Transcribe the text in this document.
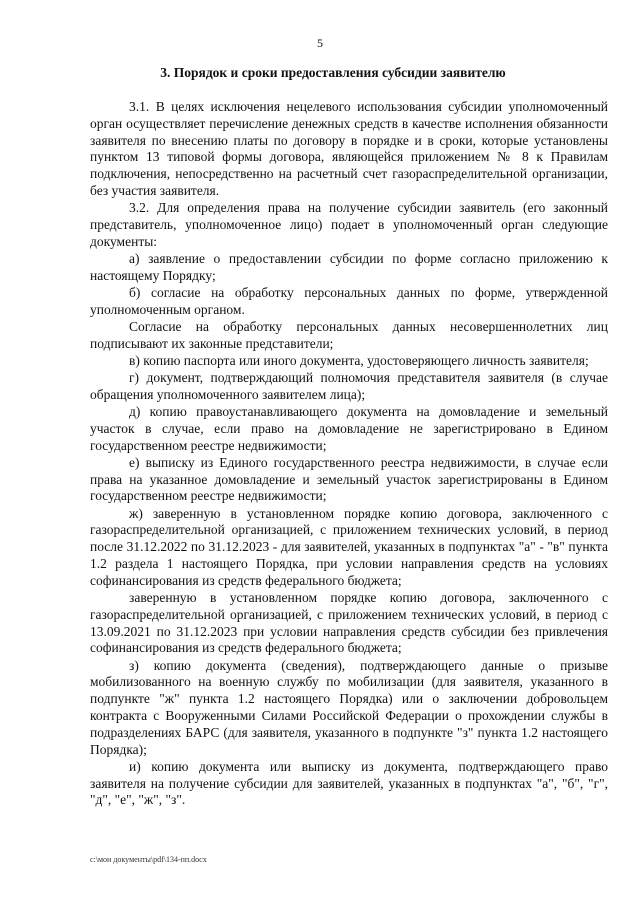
5
3. Порядок и сроки предоставления субсидии заявителю

3.1. В целях исключения нецелевого использования субсидии уполномоченный орган осуществляет перечисление денежных средств в качестве исполнения обязанности заявителя по внесению платы по договору в порядке и в сроки, которые установлены пунктом 13 типовой формы договора, являющейся приложением № 8 к Правилам подключения, непосредственно на расчетный счет газораспределительной организации, без участия заявителя.

3.2. Для определения права на получение субсидии заявитель (его законный представитель, уполномоченное лицо) подает в уполномоченный орган следующие документы:

а) заявление о предоставлении субсидии по форме согласно приложению к настоящему Порядку;

б) согласие на обработку персональных данных по форме, утвержденной уполномоченным органом.

Согласие на обработку персональных данных несовершеннолетних лиц подписывают их законные представители;

в) копию паспорта или иного документа, удостоверяющего личность заявителя;

г) документ, подтверждающий полномочия представителя заявителя (в случае обращения уполномоченного заявителем лица);

д) копию правоустанавливающего документа на домовладение и земельный участок в случае, если право на домовладение не зарегистрировано в Едином государственном реестре недвижимости;

е) выписку из Единого государственного реестра недвижимости, в случае если права на указанное домовладение и земельный участок зарегистрированы в Едином государственном реестре недвижимости;

ж) заверенную в установленном порядке копию договора, заключенного с газораспределительной организацией, с приложением технических условий, в период после 31.12.2022 по 31.12.2023 - для заявителей, указанных в подпунктах "а" - "в" пункта 1.2 раздела 1 настоящего Порядка, при условии направления средств на условиях софинансирования из средств федерального бюджета;

заверенную в установленном порядке копию договора, заключенного с газораспределительной организацией, с приложением технических условий, в период с 13.09.2021 по 31.12.2023 при условии направления средств субсидии без привлечения софинансирования из средств федерального бюджета;

з) копию документа (сведения), подтверждающего данные о призыве мобилизованного на военную службу по мобилизации (для заявителя, указанного в подпункте "ж" пункта 1.2 настоящего Порядка) или о заключении добровольцем контракта с Вооруженными Силами Российской Федерации о прохождении службы в подразделениях БАРС (для заявителя, указанного в подпункте "з" пункта 1.2 настоящего Порядка);

и) копию документа или выписку из документа, подтверждающего право заявителя на получение субсидии для заявителей, указанных в подпунктах "а", "б", "г", "д", "е", "ж", "з".

c:\мои документы\pdf\134-пп.docx
